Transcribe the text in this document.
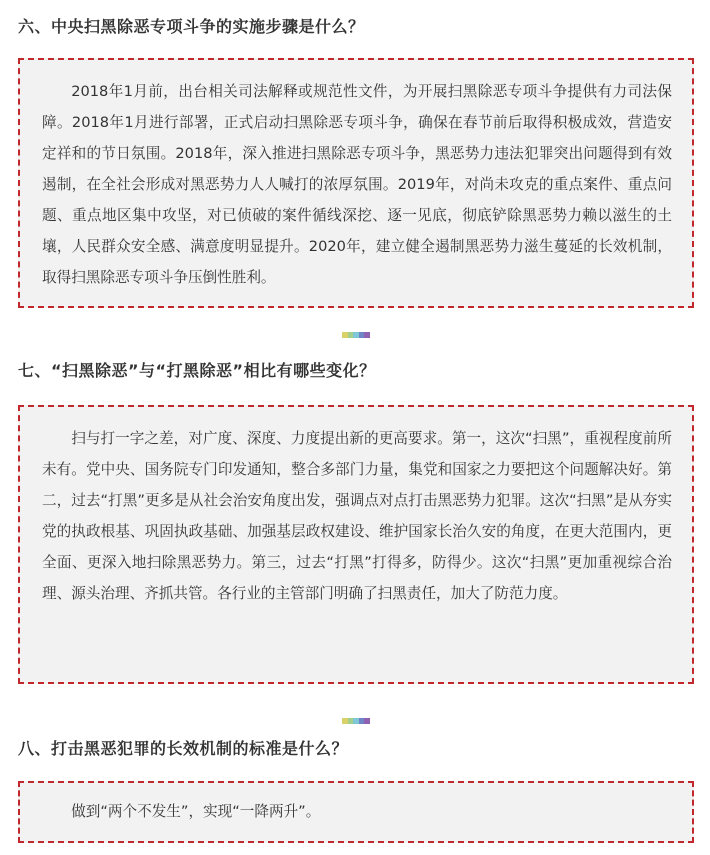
六、中央扫黑除恶专项斗争的实施步骤是什么？

2018年1月前，出台相关司法解释或规范性文件，为开展扫黑除恶专项斗争提供有力司法保障。2018年1月进行部署，正式启动扫黑除恶专项斗争，确保在春节前后取得积极成效，营造安定祥和的节日氛围。2018年，深入推进扫黑除恶专项斗争，黑恶势力违法犯罪突出问题得到有效遏制，在全社会形成对黑恶势力人人喊打的浓厚氛围。2019年，对尚未攻克的重点案件、重点问题、重点地区集中攻坚，对已侦破的案件循线深挖、逐一见底，彻底铲除黑恶势力赖以滋生的土壤，人民群众安全感、满意度明显提升。2020年，建立健全遏制黑恶势力滋生蔓延的长效机制，取得扫黑除恶专项斗争压倒性胜利。

七、“扫黑除恶”与“打黑除恶”相比有哪些变化？

扫与打一字之差，对广度、深度、力度提出新的更高要求。第一，这次“扫黑”，重视程度前所未有。党中央、国务院专门印发通知，整合多部门力量，集党和国家之力要把这个问题解决好。第二，过去“打黑”更多是从社会治安角度出发，强调点对点打击黑恶势力犯罪。这次“扫黑”是从夯实党的执政根基、巩固执政基础、加强基层政权建设、维护国家长治久安的角度，在更大范围内，更全面、更深入地扫除黑恶势力。第三，过去“打黑”打得多，防得少。这次“扫黑”更加重视综合治理、源头治理、齐抓共管。各行业的主管部门明确了扫黑责任，加大了防范力度。

八、打击黑恶犯罪的长效机制的标准是什么？

做到“两个不发生”，实现“一降两升”。
